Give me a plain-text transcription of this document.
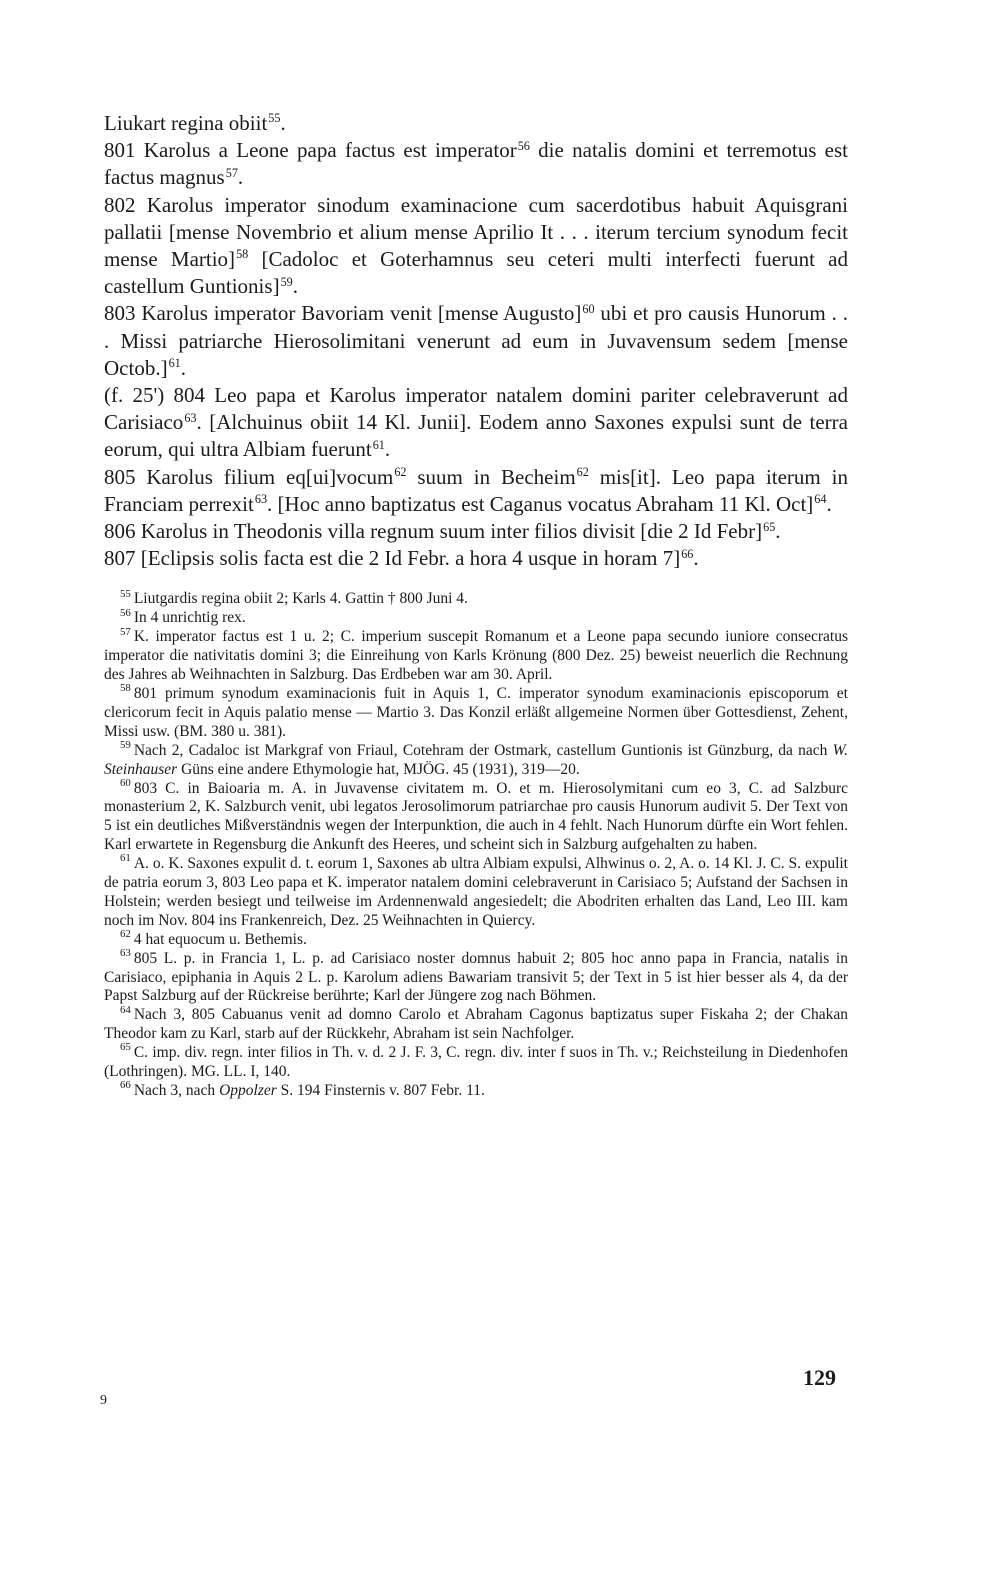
Liukart regina obiit$^{55}$.

801 Karolus a Leone papa factus est imperator$^{56}$ die natalis domini et terremotus est factus magnus$^{57}$.

802 Karolus imperator sinodum examinacione cum sacerdotibus habuit Aquisgrani pallatii [mense Novembrio et alium mense Aprilio It . . . iterum tercium synodum fecit mense Martio]$^{58}$ [Cadoloc et Goterhamnus seu ceteri multi interfecti fuerunt ad castellum Guntionis]$^{59}$.

803 Karolus imperator Bavoriam venit [mense Augusto]$^{60}$ ubi et pro causis Hunorum . . . Missi patriarche Hierosolimitani venerunt ad eum in Juvavensum sedem [mense Octob.]$^{61}$.

(f. 25') 804 Leo papa et Karolus imperator natalem domini pariter celebraverunt ad Carisiaco$^{63}$. [Alchuinus obiit 14 Kl. Junii]. Eodem anno Saxones expulsi sunt de terra eorum, qui ultra Albiam fuerunt$^{61}$.

805 Karolus filium eq[ui]vocum$^{62}$ suum in Becheim$^{62}$ mis[it]. Leo papa iterum in Franciam perrexit$^{63}$. [Hoc anno baptizatus est Caganus vocatus Abraham 11 Kl. Oct]$^{64}$.

806 Karolus in Theodonis villa regnum suum inter filios divisit [die 2 Id Febr]$^{65}$.

807 [Eclipsis solis facta est die 2 Id Febr. a hora 4 usque in horam 7]$^{66}$.

$^{55}$ Liutgardis regina obiit 2; Karls 4. Gattin † 800 Juni 4.

$^{56}$ In 4 unrichtig rex.

$^{57}$ K. imperator factus est 1 u. 2; C. imperium suscepit Romanum et a Leone papa secundo iuniore consecratus imperator die nativitatis domini 3; die Einreihung von Karls Krönung (800 Dez. 25) beweist neuerlich die Rechnung des Jahres ab Weihnachten in Salzburg. Das Erdbeben war am 30. April.

$^{58}$ 801 primum synodum examinacionis fuit in Aquis 1, C. imperator synodum examinacionis episcoporum et clericorum fecit in Aquis palatio mense — Martio 3. Das Konzil erläßt allgemeine Normen über Gottesdienst, Zehent, Missi usw. (BM. 380 u. 381).

$^{59}$ Nach 2, Cadaloc ist Markgraf von Friaul, Cotehram der Ostmark, castellum Guntionis ist Günzburg, da nach W. Steinhauser Güns eine andere Ethymologie hat, MJÖG. 45 (1931), 319—20.

$^{60}$ 803 C. in Baioaria m. A. in Juvavense civitatem m. O. et m. Hierosolymitani cum eo 3, C. ad Salzburc monasterium 2, K. Salzburch venit, ubi legatos Jerosolimorum patriarchae pro causis Hunorum audivit 5. Der Text von 5 ist ein deutliches Mißverständnis wegen der Interpunktion, die auch in 4 fehlt. Nach Hunorum dürfte ein Wort fehlen. Karl erwartete in Regensburg die Ankunft des Heeres, und scheint sich in Salzburg aufgehalten zu haben.

$^{61}$ A. o. K. Saxones expulit d. t. eorum 1, Saxones ab ultra Albiam expulsi, Alhwinus o. 2, A. o. 14 Kl. J. C. S. expulit de patria eorum 3, 803 Leo papa et K. imperator natalem domini celebraverunt in Carisiaco 5; Aufstand der Sachsen in Holstein; werden besiegt und teilweise im Ardennenwald angesiedelt; die Abodriten erhalten das Land, Leo III. kam noch im Nov. 804 ins Frankenreich, Dez. 25 Weihnachten in Quiercy.

$^{62}$ 4 hat equocum u. Bethemis.

$^{63}$ 805 L. p. in Francia 1, L. p. ad Carisiaco noster domnus habuit 2; 805 hoc anno papa in Francia, natalis in Carisiaco, epiphania in Aquis 2 L. p. Karolum adiens Bawariam transivit 5; der Text in 5 ist hier besser als 4, da der Papst Salzburg auf der Rückreise berührte; Karl der Jüngere zog nach Böhmen.

$^{64}$ Nach 3, 805 Cabuanus venit ad domno Carolo et Abraham Cagonus baptizatus super Fiskaha 2; der Chakan Theodor kam zu Karl, starb auf der Rückkehr, Abraham ist sein Nachfolger.

$^{65}$ C. imp. div. regn. inter filios in Th. v. d. 2 J. F. 3, C. regn. div. inter f suos in Th. v.; Reichsteilung in Diedenhofen (Lothringen). MG. LL. I, 140.

$^{66}$ Nach 3, nach Oppolzer S. 194 Finsternis v. 807 Febr. 11.

129
9
